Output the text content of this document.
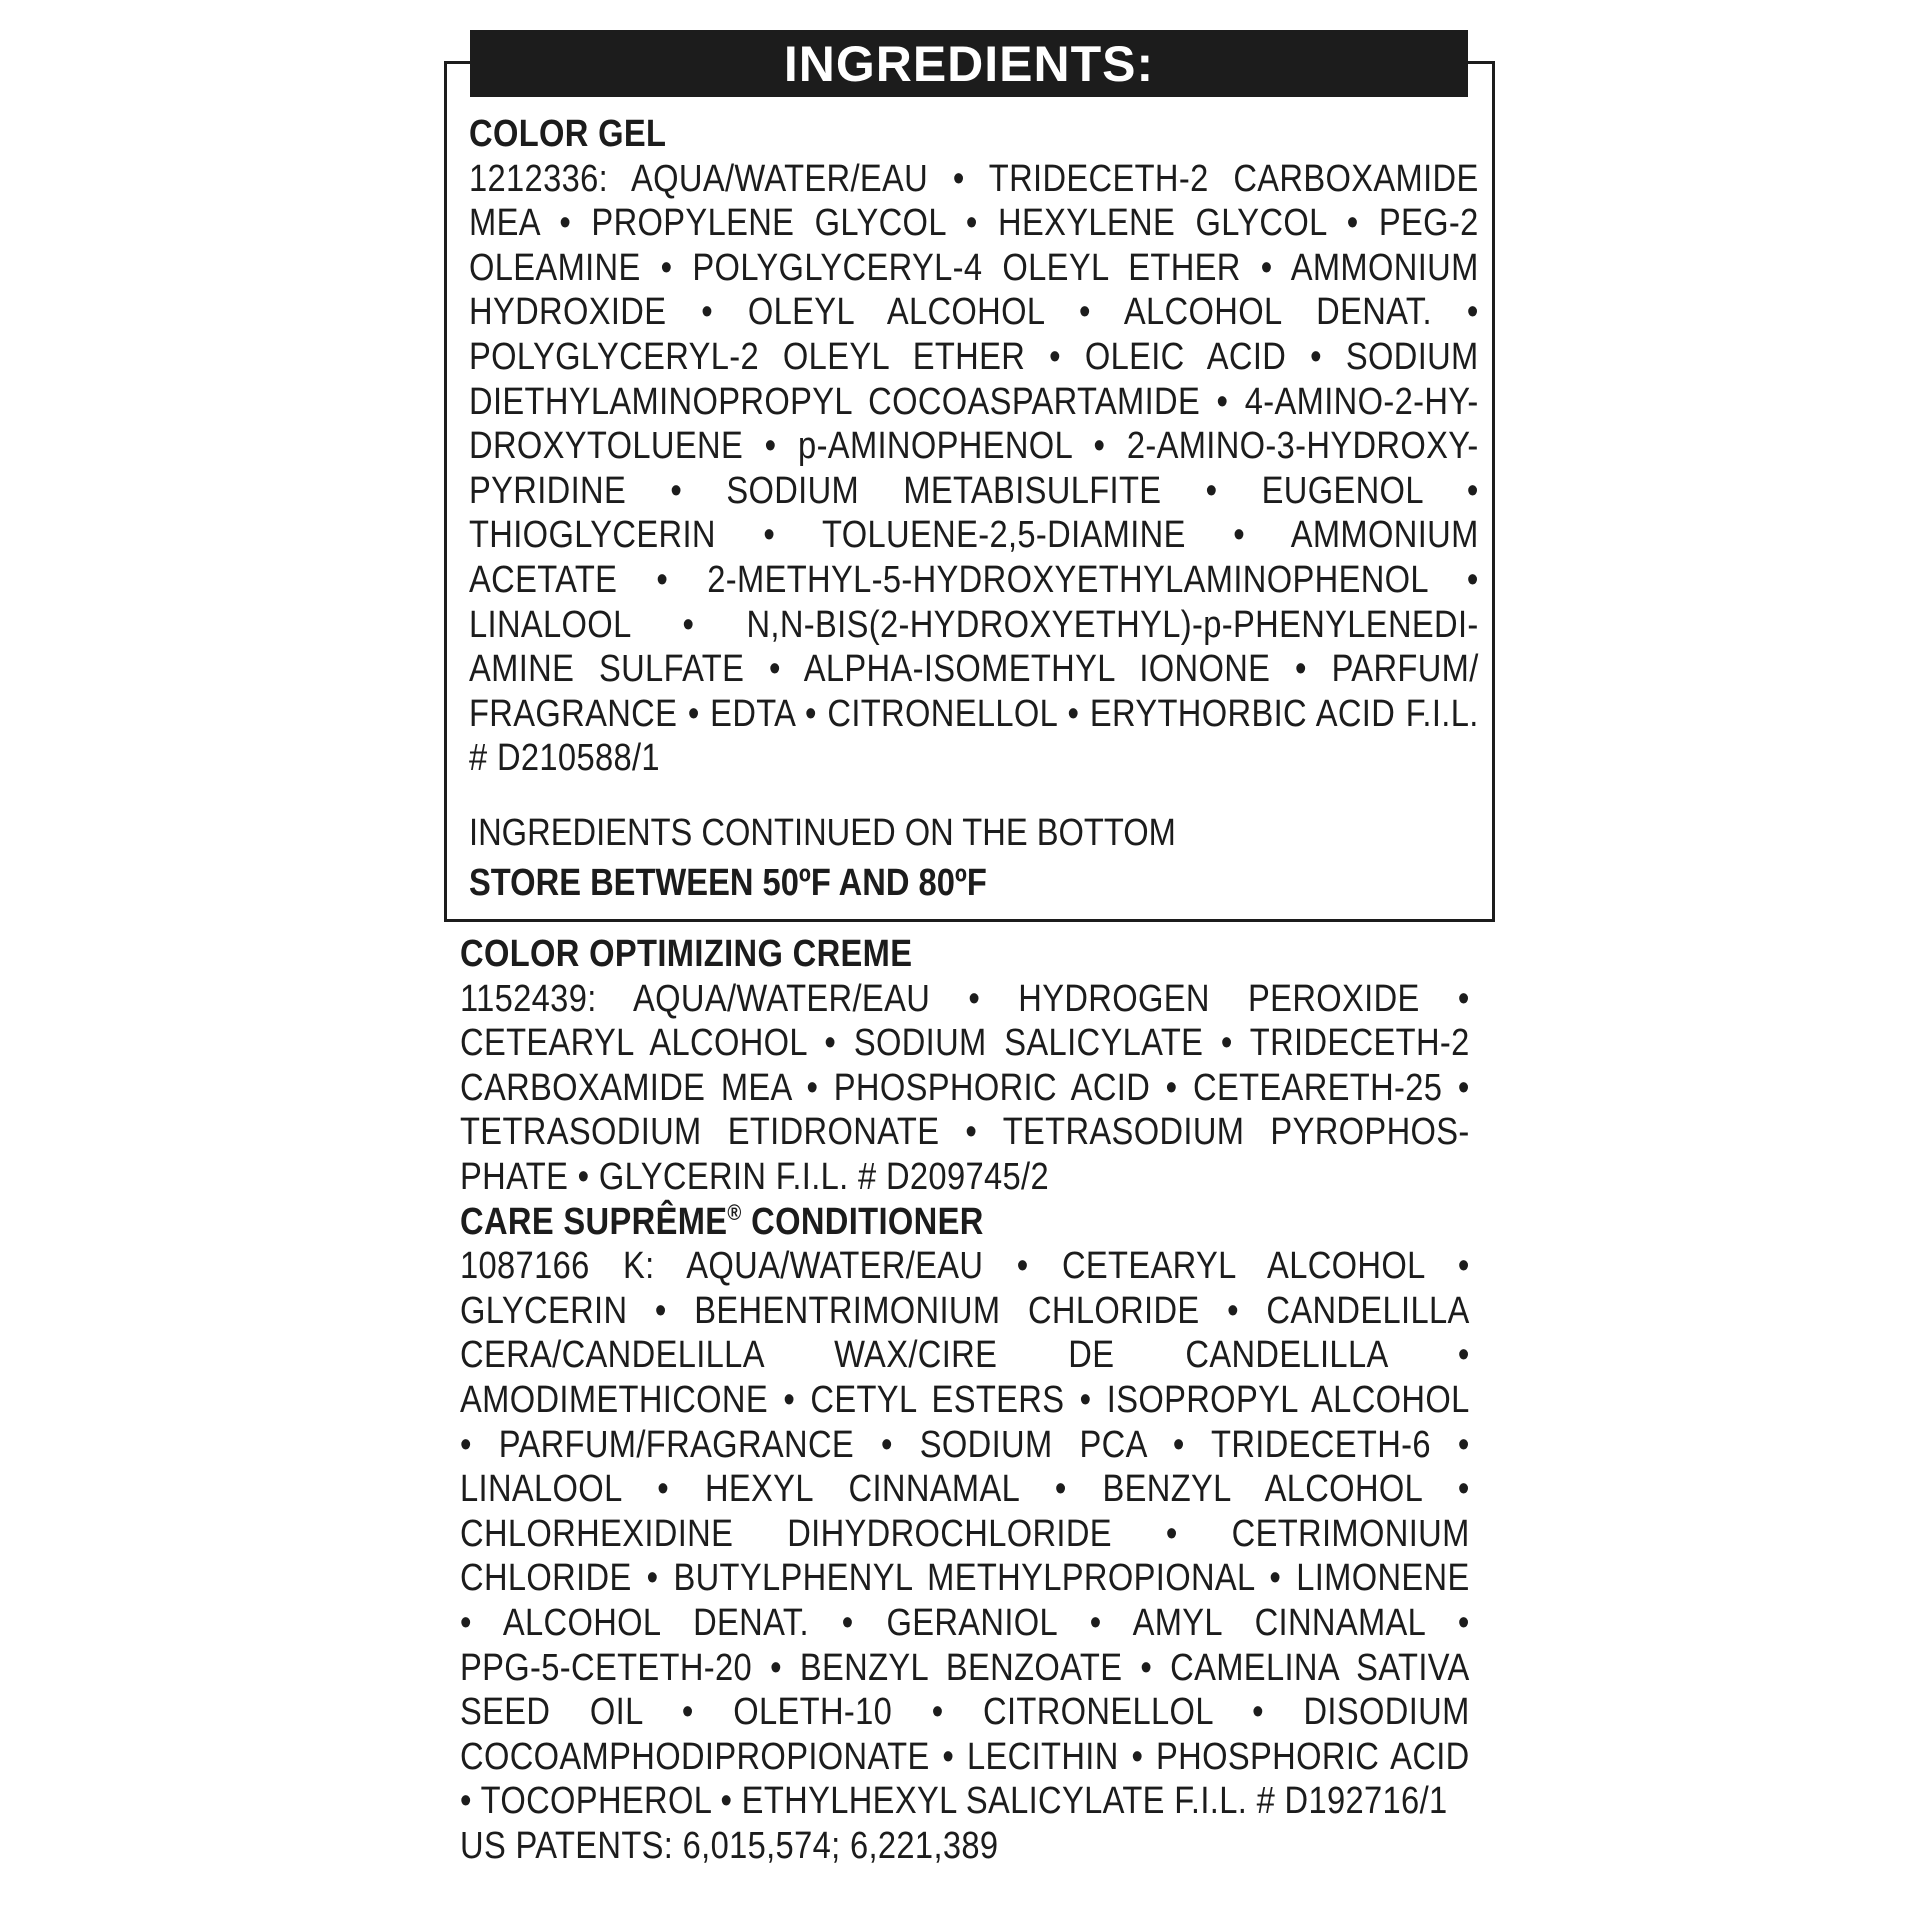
INGREDIENTS:
COLOR GEL
1212336: AQUA/WATER/EAU • TRIDECETH-2 CARBOXAMIDE
MEA • PROPYLENE GLYCOL • HEXYLENE GLYCOL • PEG-2
OLEAMINE • POLYGLYCERYL-4 OLEYL ETHER • AMMONIUM
HYDROXIDE • OLEYL ALCOHOL • ALCOHOL DENAT. •
POLYGLYCERYL-2 OLEYL ETHER • OLEIC ACID • SODIUM
DIETHYLAMINOPROPYL COCOASPARTAMIDE • 4-AMINO-2-HY-
DROXYTOLUENE • p-AMINOPHENOL • 2-AMINO-3-HYDROXY-
PYRIDINE • SODIUM METABISULFITE • EUGENOL •
THIOGLYCERIN • TOLUENE-2,5-DIAMINE • AMMONIUM
ACETATE • 2-METHYL-5-HYDROXYETHYLAMINOPHENOL •
LINALOOL • N,N-BIS(2-HYDROXYETHYL)-p-PHENYLENEDI-
AMINE SULFATE • ALPHA-ISOMETHYL IONONE • PARFUM/
FRAGRANCE • EDTA • CITRONELLOL • ERYTHORBIC ACID F.I.L.
# D210588/1
INGREDIENTS CONTINUED ON THE BOTTOM
STORE BETWEEN 50ºF AND 80ºF
COLOR OPTIMIZING CREME
1152439: AQUA/WATER/EAU • HYDROGEN PEROXIDE •
CETEARYL ALCOHOL • SODIUM SALICYLATE • TRIDECETH-2
CARBOXAMIDE MEA • PHOSPHORIC ACID • CETEARETH-25 •
TETRASODIUM ETIDRONATE • TETRASODIUM PYROPHOS-
PHATE • GLYCERIN F.I.L. # D209745/2
CARE SUPRÊME® CONDITIONER
1087166 K: AQUA/WATER/EAU • CETEARYL ALCOHOL •
GLYCERIN • BEHENTRIMONIUM CHLORIDE • CANDELILLA
CERA/CANDELILLA WAX/CIRE DE CANDELILLA •
AMODIMETHICONE • CETYL ESTERS • ISOPROPYL ALCOHOL
• PARFUM/FRAGRANCE • SODIUM PCA • TRIDECETH-6 •
LINALOOL • HEXYL CINNAMAL • BENZYL ALCOHOL •
CHLORHEXIDINE DIHYDROCHLORIDE • CETRIMONIUM
CHLORIDE • BUTYLPHENYL METHYLPROPIONAL • LIMONENE
• ALCOHOL DENAT. • GERANIOL • AMYL CINNAMAL •
PPG-5-CETETH-20 • BENZYL BENZOATE • CAMELINA SATIVA
SEED OIL • OLETH-10 • CITRONELLOL • DISODIUM
COCOAMPHODIPROPIONATE • LECITHIN • PHOSPHORIC ACID
• TOCOPHEROL • ETHYLHEXYL SALICYLATE F.I.L. # D192716/1
US PATENTS: 6,015,574; 6,221,389
